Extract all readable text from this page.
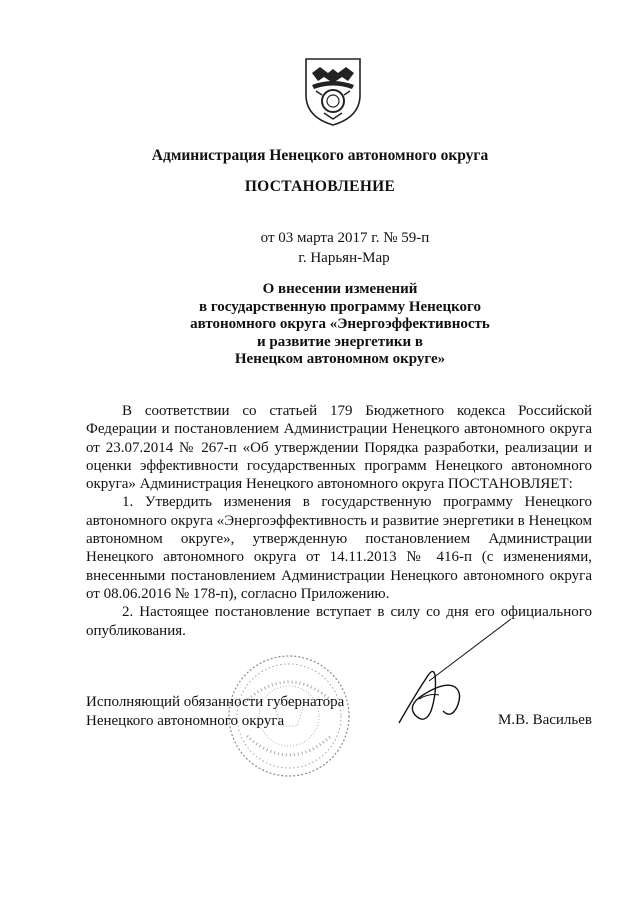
Администрация Ненецкого автономного округа
ПОСТАНОВЛЕНИЕ
от 03 марта 2017 г. № 59-п
г. Нарьян-Мар
О внесении изменений
в государственную программу Ненецкого
автономного округа «Энергоэффективность
и развитие энергетики в
Ненецком автономном округе»

В соответствии со статьей 179 Бюджетного кодекса Российской Федерации и постановлением Администрации Ненецкого автономного округа от 23.07.2014 № 267-п «Об утверждении Порядка разработки, реализации и оценки эффективности государственных программ Ненецкого автономного округа» Администрация Ненецкого автономного округа ПОСТАНОВЛЯЕТ:

1. Утвердить изменения в государственную программу Ненецкого автономного округа «Энергоэффективность и развитие энергетики в Ненецком автономном округе», утвержденную постановлением Администрации Ненецкого автономного округа от 14.11.2013 № 416-п (с изменениями, внесенными постановлением Администрации Ненецкого автономного округа от 08.06.2016 № 178-п), согласно Приложению.

2. Настоящее постановление вступает в силу со дня его официального опубликования.

Исполняющий обязанности губернатора
Ненецкого автономного округа	М.В. Васильев
